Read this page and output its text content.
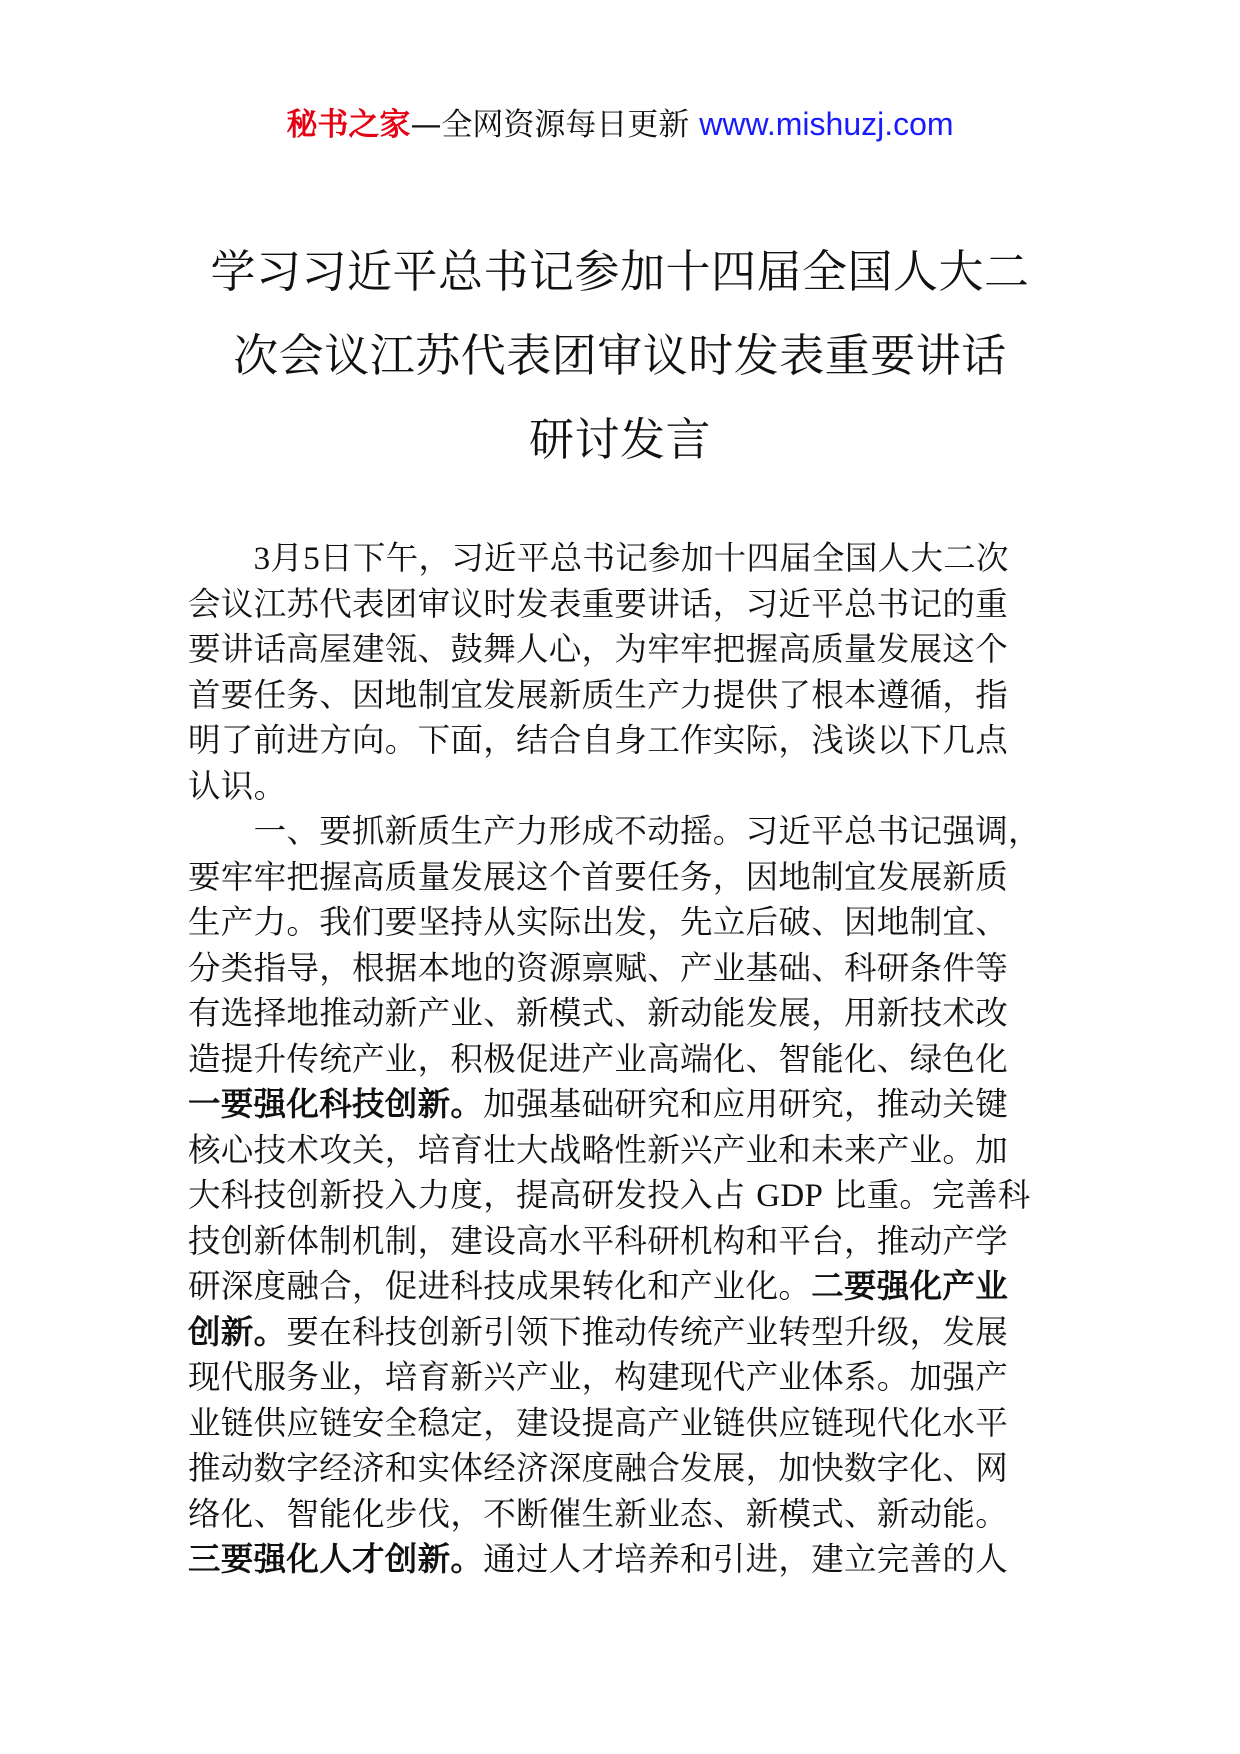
秘书之家—全网资源每日更新 www.mishuzj.com
学习习近平总书记参加十四届全国人大二
次会议江苏代表团审议时发表重要讲话
研讨发言
　　3月5日下午，习近平总书记参加十四届全国人大二次
会议江苏代表团审议时发表重要讲话，习近平总书记的重
要讲话高屋建瓴、鼓舞人心，为牢牢把握高质量发展这个
首要任务、因地制宜发展新质生产力提供了根本遵循，指
明了前进方向。下面，结合自身工作实际，浅谈以下几点
认识。
　　一、要抓新质生产力形成不动摇。习近平总书记强调，
要牢牢把握高质量发展这个首要任务，因地制宜发展新质
生产力。我们要坚持从实际出发，先立后破、因地制宜、
分类指导，根据本地的资源禀赋、产业基础、科研条件等
有选择地推动新产业、新模式、新动能发展，用新技术改
造提升传统产业，积极促进产业高端化、智能化、绿色化
一要强化科技创新。加强基础研究和应用研究，推动关键
核心技术攻关，培育壮大战略性新兴产业和未来产业。加
大科技创新投入力度，提高研发投入占 GDP 比重。完善科
技创新体制机制，建设高水平科研机构和平台，推动产学
研深度融合，促进科技成果转化和产业化。二要强化产业
创新。要在科技创新引领下推动传统产业转型升级，发展
现代服务业，培育新兴产业，构建现代产业体系。加强产
业链供应链安全稳定，建设提高产业链供应链现代化水平
推动数字经济和实体经济深度融合发展，加快数字化、网
络化、智能化步伐，不断催生新业态、新模式、新动能。
三要强化人才创新。通过人才培养和引进，建立完善的人
